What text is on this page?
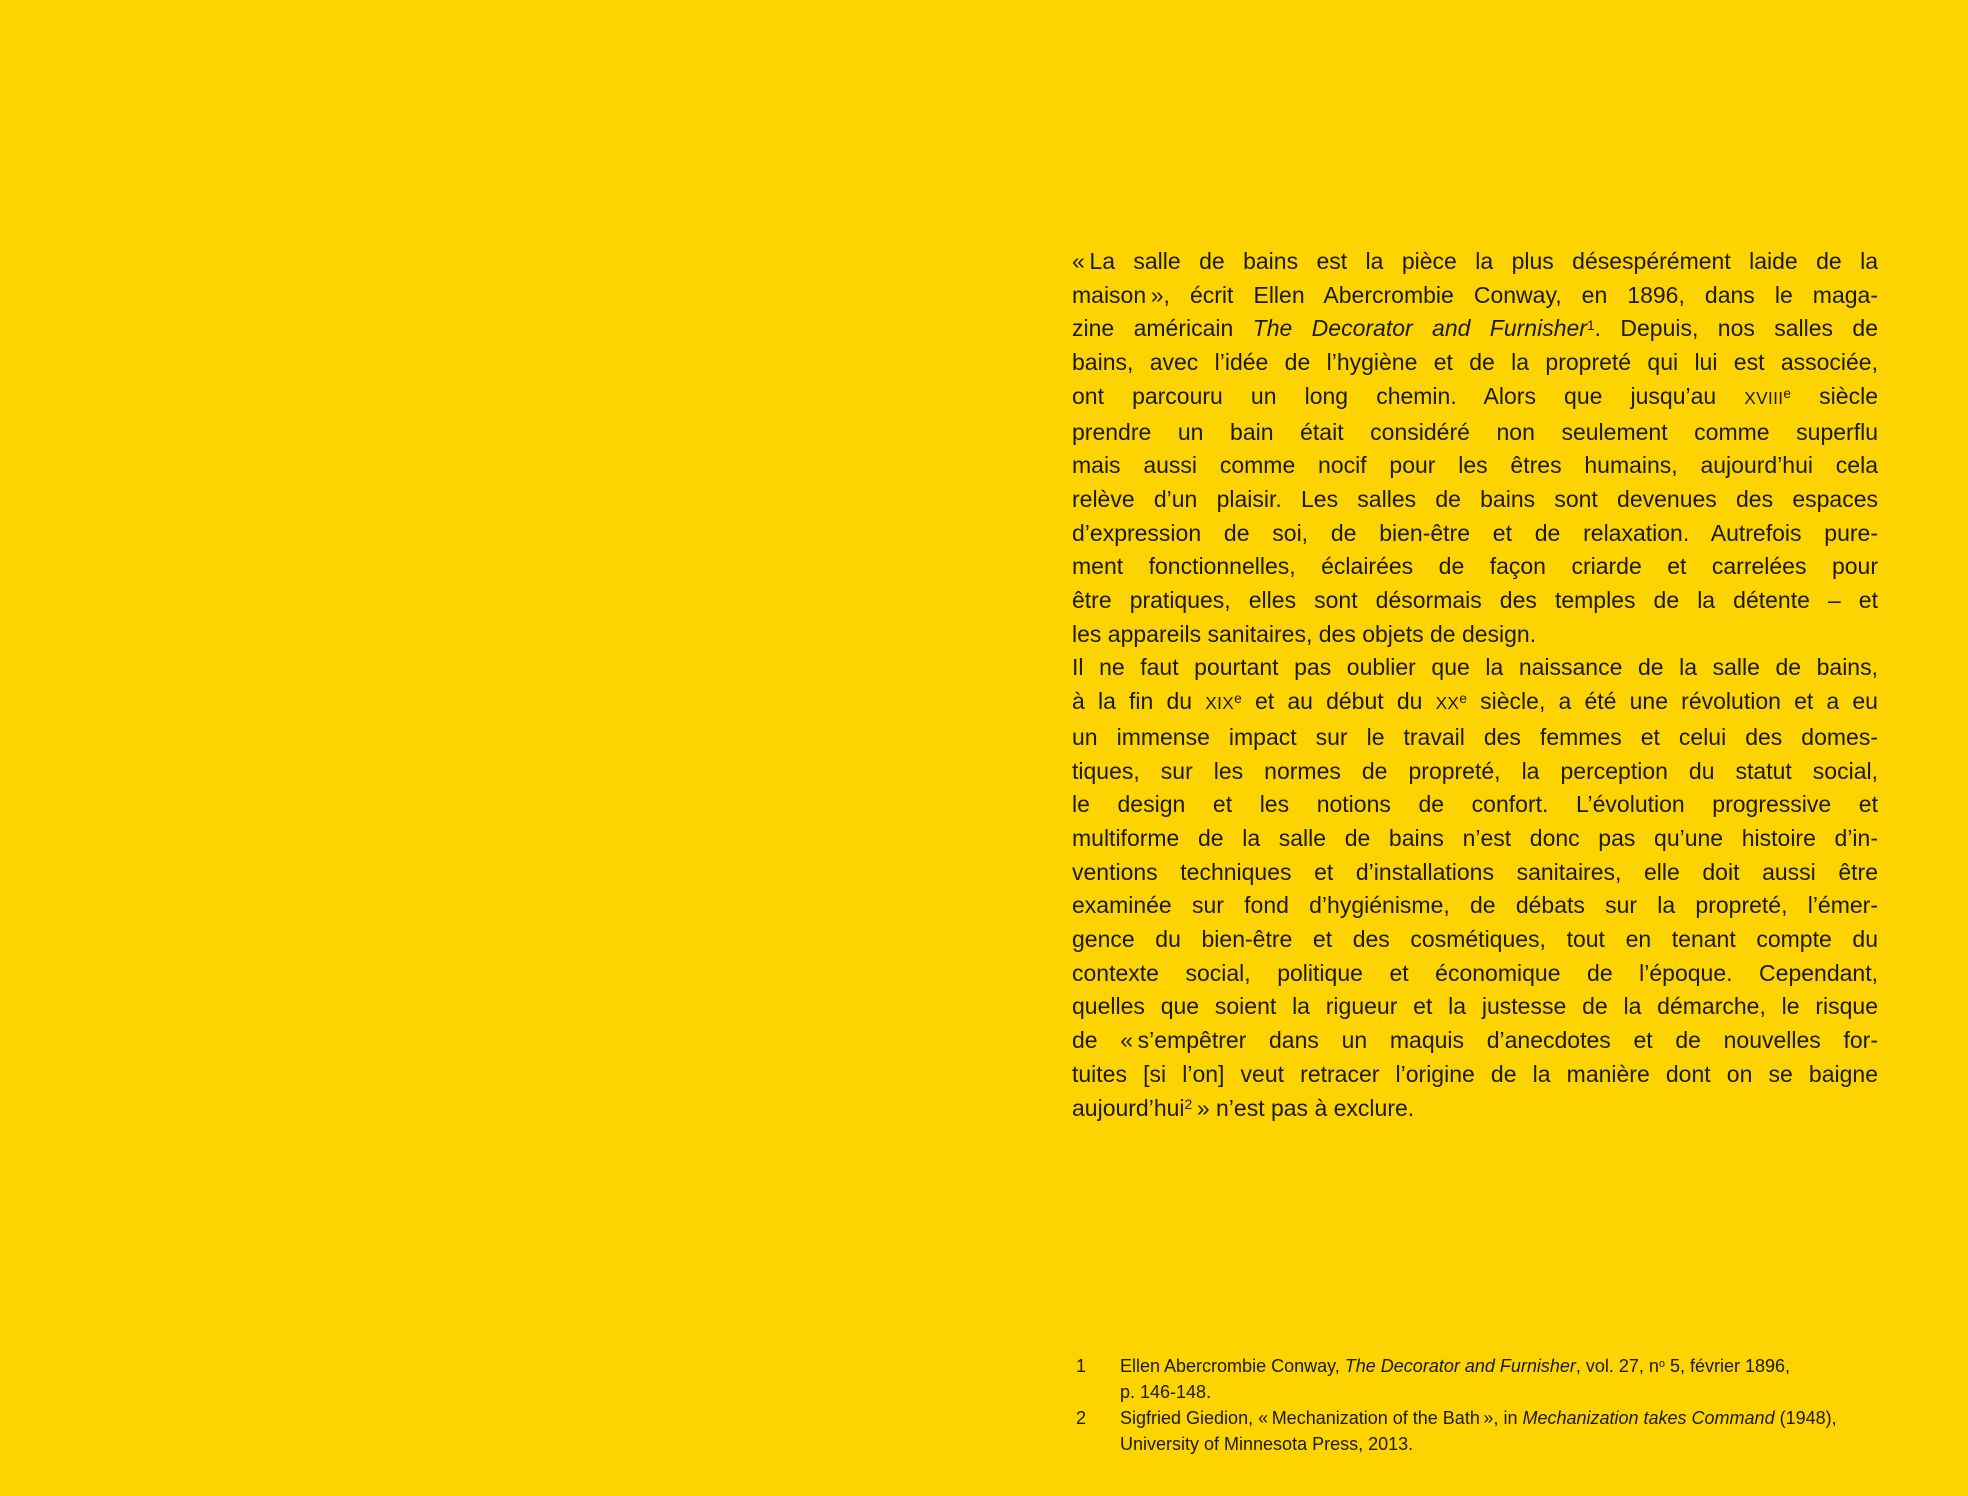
« La salle de bains est la pièce la plus désespérément laide de la
maison », écrit Ellen Abercrombie Conway, en 1896, dans le maga-
zine américain The Decorator and Furnisher$^1$. Depuis, nos salles de
bains, avec l’idée de l’hygiène et de la propreté qui lui est associée,
ont parcouru un long chemin. Alors que jusqu’au XVIIIe siècle
prendre un bain était considéré non seulement comme superflu
mais aussi comme nocif pour les êtres humains, aujourd’hui cela
relève d’un plaisir. Les salles de bains sont devenues des espaces
d’expression de soi, de bien-être et de relaxation. Autrefois pure-
ment fonctionnelles, éclairées de façon criarde et carrelées pour
être pratiques, elles sont désormais des temples de la détente – et
les appareils sanitaires, des objets de design.
Il ne faut pourtant pas oublier que la naissance de la salle de bains,
à la fin du XIXe et au début du XXe siècle, a été une révolution et a eu
un immense impact sur le travail des femmes et celui des domes-
tiques, sur les normes de propreté, la perception du statut social,
le design et les notions de confort. L’évolution progressive et
multiforme de la salle de bains n’est donc pas qu’une histoire d’in-
ventions techniques et d’installations sanitaires, elle doit aussi être
examinée sur fond d’hygiénisme, de débats sur la propreté, l’émer-
gence du bien-être et des cosmétiques, tout en tenant compte du
contexte social, politique et économique de l’époque. Cependant,
quelles que soient la rigueur et la justesse de la démarche, le risque
de « s’empêtrer dans un maquis d’anecdotes et de nouvelles for-
tuites [si l’on] veut retracer l’origine de la manière dont on se baigne
aujourd’hui$^2$ » n’est pas à exclure.
1	Ellen Abercrombie Conway, The Decorator and Furnisher, vol. 27, $n^o$ 5, février 1896,
p. 146-148.
2	Sigfried Giedion, « Mechanization of the Bath », in Mechanization takes Command (1948),
University of Minnesota Press, 2013.
